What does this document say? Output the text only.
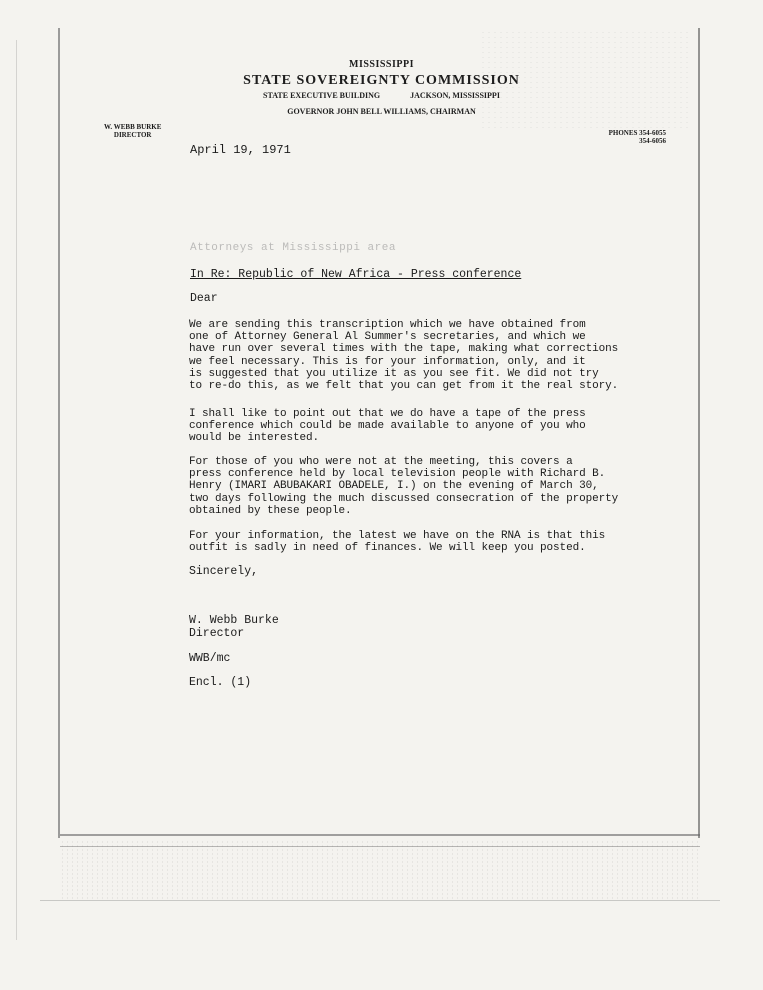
MISSISSIPPI
STATE SOVEREIGNTY COMMISSION
STATE EXECUTIVE BUILDING	JACKSON, MISSISSIPPI
GOVERNOR JOHN BELL WILLIAMS, CHAIRMAN
W. WEBB BURKE
DIRECTOR	PHONES 354-6055
354-6056
April 19, 1971
Attorneys at Mississippi area
In Re: Republic of New Africa - Press conference
Dear
We are sending this transcription which we have obtained from
one of Attorney General Al Summer's secretaries, and which we
have run over several times with the tape, making what corrections
we feel necessary. This is for your information, only, and it
is suggested that you utilize it as you see fit. We did not try
to re-do this, as we felt that you can get from it the real story.
I shall like to point out that we do have a tape of the press
conference which could be made available to anyone of you who
would be interested.
For those of you who were not at the meeting, this covers a
press conference held by local television people with Richard B.
Henry (IMARI ABUBAKARI OBADELE, I.) on the evening of March 30,
two days following the much discussed consecration of the property
obtained by these people.
For your information, the latest we have on the RNA is that this
outfit is sadly in need of finances. We will keep you posted.
Sincerely,
W. Webb Burke
Director
WWB/mc
Encl. (1)
